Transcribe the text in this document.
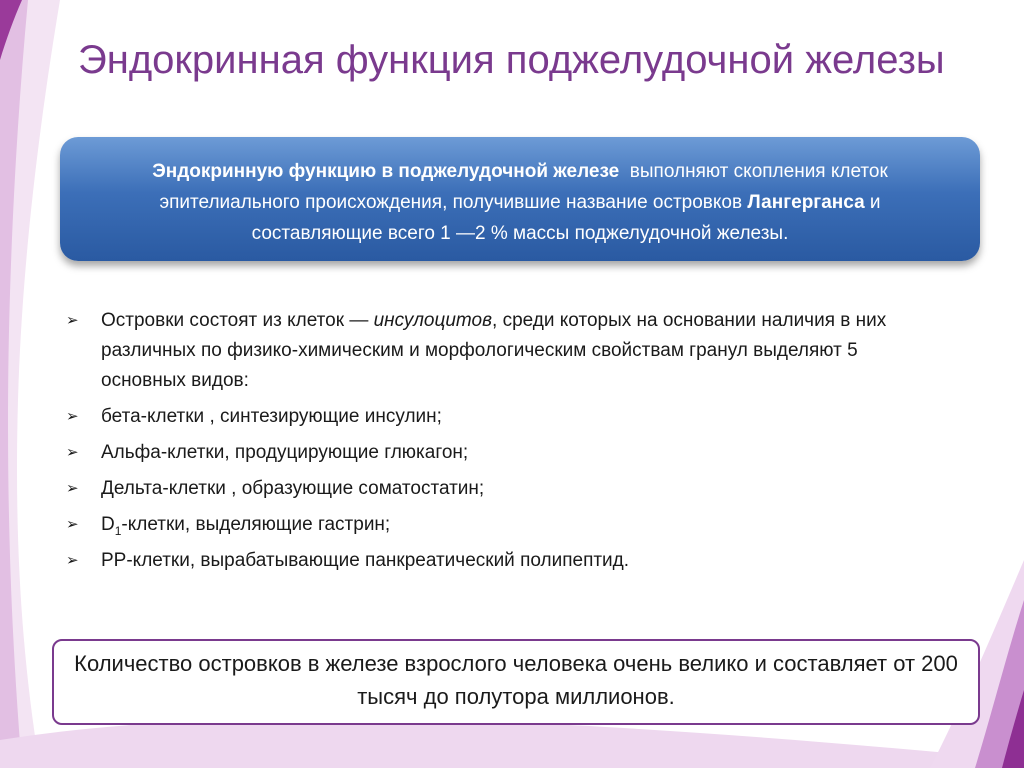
Эндокринная функция поджелудочной железы
Эндокринную функцию в поджелудочной железе выполняют скопления клеток эпителиального происхождения, получившие название островков Лангерганса и составляющие всего 1 —2 % массы поджелудочной железы.
➢ Островки состоят из клеток — инсулоцитов, среди которых на основании наличия в них различных по физико-химическим и морфологическим свойствам гранул выделяют 5 основных видов:
➢ бета-клетки , синтезирующие инсулин;
➢ Альфа-клетки, продуцирующие глюкагон;
➢ Дельта-клетки , образующие соматостатин;
➢ $D_1$-клетки, выделяющие гастрин;
➢ PP-клетки, вырабатывающие панкреатический полипептид.
Количество островков в железе взрослого человека очень велико и составляет от 200 тысяч до полутора миллионов.
